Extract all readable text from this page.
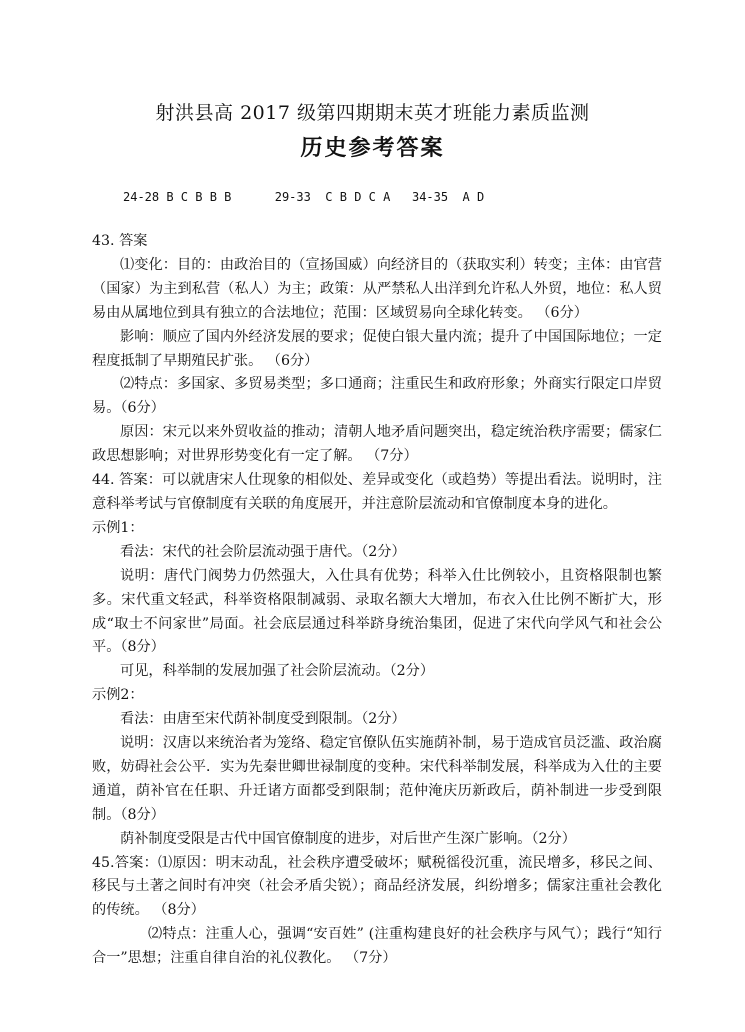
射洪县高 2017 级第四期期末英才班能力素质监测
历史参考答案
24-28 B C B B B      29-33  C B D C A   34-35  A D

43. 答案

⑴变化：目的：由政治目的（宣扬国威）向经济目的（获取实利）转变；主体：由官营（国家）为主到私营（私人）为主；政策：从严禁私人出洋到允许私人外贸，地位：私人贸易由从属地位到具有独立的合法地位；范围：区域贸易向全球化转变。 （6分）

影响：顺应了国内外经济发展的要求；促使白银大量内流；提升了中国国际地位；一定程度抵制了早期殖民扩张。 （6分）

⑵特点：多国家、多贸易类型；多口通商；注重民生和政府形象；外商实行限定口岸贸易。（6分）

原因：宋元以来外贸收益的推动；清朝人地矛盾问题突出，稳定统治秩序需要；儒家仁政思想影响；对世界形势变化有一定了解。 （7分）

44. 答案：可以就唐宋人仕现象的相似处、差异或变化（或趋势）等提出看法。说明时，注意科举考试与官僚制度有关联的角度展开，并注意阶层流动和官僚制度本身的进化。

示例1：

看法：宋代的社会阶层流动强于唐代。（2分）

说明：唐代门阀势力仍然强大，入仕具有优势；科举入仕比例较小，且资格限制也繁多。宋代重文轻武，科举资格限制减弱、录取名额大大增加，布衣入仕比例不断扩大，形成“取士不问家世”局面。社会底层通过科举跻身统治集团，促进了宋代向学风气和社会公平。（8分）

可见，科举制的发展加强了社会阶层流动。（2分）

示例2：

看法：由唐至宋代荫补制度受到限制。（2分）

说明：汉唐以来统治者为笼络、稳定官僚队伍实施荫补制，易于造成官员泛滥、政治腐败，妨碍社会公平．实为先秦世卿世禄制度的变种。宋代科举制发展，科举成为入仕的主要通道，荫补官在任职、升迁诸方面都受到限制；范仲淹庆历新政后，荫补制进一步受到限制。（8分）

荫补制度受限是古代中国官僚制度的进步，对后世产生深广影响。（2分）

45.答案：⑴原因：明末动乱，社会秩序遭受破坏；赋税徭役沉重，流民增多，移民之间、移民与土著之间时有冲突（社会矛盾尖锐）；商品经济发展，纠纷增多；儒家注重社会教化的传统。 （8分）

⑵特点：注重人心，强调“安百姓” (注重构建良好的社会秩序与风气）；践行“知行合一”思想；注重自律自治的礼仪教化。 （7分）
